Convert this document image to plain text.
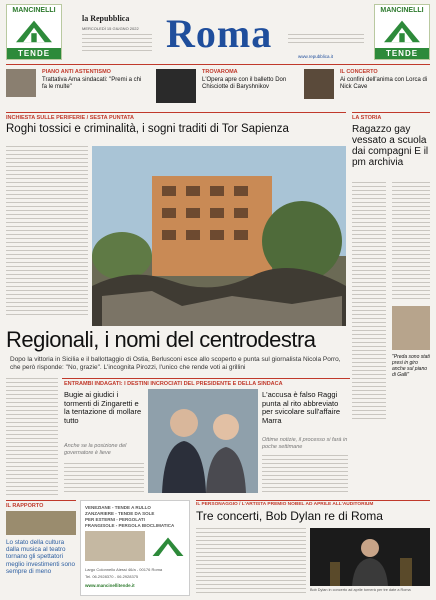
MANCINELLI
TENDE
MANCINELLI
TENDE
la Repubblica
MERCOLEDÌ 15 GIUGNO 2022 Roma
www.repubblica.it
PIANO ANTI ASTENTISMO
Trattativa Ama sindacati: "Premi a chi fa le multe"
TROVAROMA
L'Opera apre con il balletto Don Chisciotte di Baryshnikov
IL CONCERTO
Ai confini dell'anima con Lorca di Nick Cave
INCHIESTA SULLE PERIFERIE / SESTA PUNTATA
Roghi tossici e criminalità, i sogni traditi di Tor Sapienza
LA STORIA
Ragazzo gay vessato a scuola dai compagni E il pm archivia
"Preda sono stati presi in giro anche sul piano di Galli"
Regionali, i nomi del centrodestra
Dopo la vittoria in Sicilia e il ballottaggio di Ostia, Berlusconi esce allo scoperto e punta sul giornalista Nicola Porro, che però risponde: "No, grazie". L'incognita Pirozzi, l'unico che rende voti ai grillini
ENTRAMBI INDAGATI: I DESTINI INCROCIATI DEL PRESIDENTE E DELLA SINDACA
Bugie ai giudici i tormenti di Zingaretti e la tentazione di mollare tutto
Anche se la posizione del governatore è lieve
L'accusa è falso Raggi punta al rito abbreviato per svicolare sull'affaire Marra
Ottime notizie, il processo si farà in poche settimane
IL RAPPORTO
Lo stato della cultura dalla musica al teatro tornano gli spettatori meglio investimenti sono sempre di meno
VENEZIANE - TENDE A RULLO
ZANZARIERE - TENDE DA SOLE
PER ESTERNI - PERGOLATI
FRANGISOLE - PERGOLA BIOCLIMATICA
Largo Colonnello Alessi 46/a - 00176 Roma
Tel. 06.2928370 - 06.2928375
www.mancinellitende.it
IL PERSONAGGIO / L'ARTISTA PREMIO NOBEL AD APRILE ALL'AUDITORIUM
Tre concerti, Bob Dylan re di Roma
Bob Dylan in concerto ad aprile tornerà per tre date a Roma
